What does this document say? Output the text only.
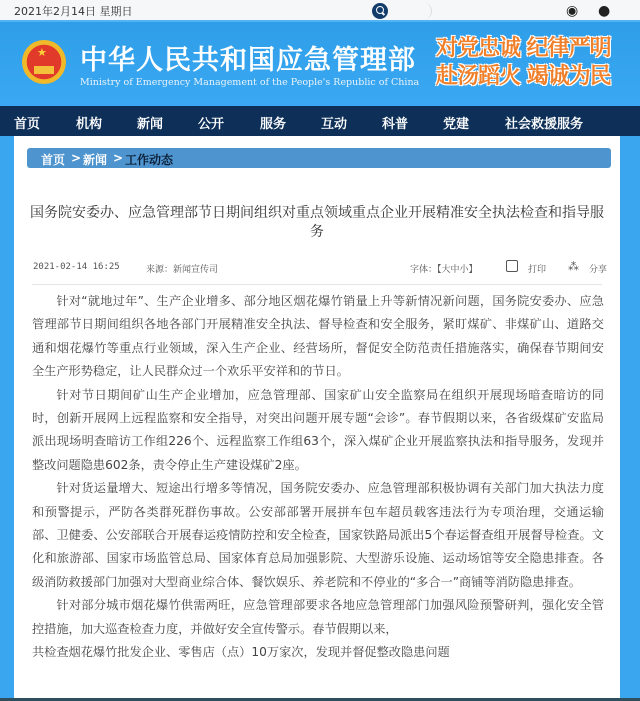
2021年2月14日 星期日	◉ ●
★ 中华人民共和国应急管理部
Ministry of Emergency Management of the People's Republic of China
对党忠诚 纪律严明
赴汤蹈火 竭诚为民
首页	机构	新闻	公开	服务	互动	科普	党建	社会救援服务
首页 > 新闻 > 工作动态
国务院安委办、应急管理部节日期间组织对重点领域重点企业开展精准安全执法检查和指导服务
2021-02-14 16:25	来源：新闻宣传司	字体：【大中小】	打印 ⁂ 分享

针对“就地过年”、生产企业增多、部分地区烟花爆竹销量上升等新情况新问题，国务院安委办、应急管理部节日期间组织各地各部门开展精准安全执法、督导检查和安全服务，紧盯煤矿、非煤矿山、道路交通和烟花爆竹等重点行业领域，深入生产企业、经营场所，督促安全防范责任措施落实，确保春节期间安全生产形势稳定，让人民群众过一个欢乐平安祥和的节日。

针对节日期间矿山生产企业增加，应急管理部、国家矿山安全监察局在组织开展现场暗查暗访的同时，创新开展网上远程监察和安全指导，对突出问题开展专题“会诊”。春节假期以来，各省级煤矿安监局派出现场明查暗访工作组226个、远程监察工作组63个，深入煤矿企业开展监察执法和指导服务，发现并整改问题隐患602条，责令停止生产建设煤矿2座。

针对货运量增大、短途出行增多等情况，国务院安委办、应急管理部积极协调有关部门加大执法力度和预警提示，严防各类群死群伤事故。公安部部署开展拼车包车超员载客违法行为专项治理，交通运输部、卫健委、公安部联合开展春运疫情防控和安全检查，国家铁路局派出5个春运督查组开展督导检查。文化和旅游部、国家市场监管总局、国家体育总局加强影院、大型游乐设施、运动场馆等安全隐患排查。各级消防救援部门加强对大型商业综合体、餐饮娱乐、养老院和不停业的“多合一”商铺等消防隐患排查。

针对部分城市烟花爆竹供需两旺，应急管理部要求各地应急管理部门加强风险预警研判，强化安全管控措施，加大巡查检查力度，并做好安全宣传警示。春节假期以来，

共检查烟花爆竹批发企业、零售店（点）10万家次，发现并督促整改隐患问题
